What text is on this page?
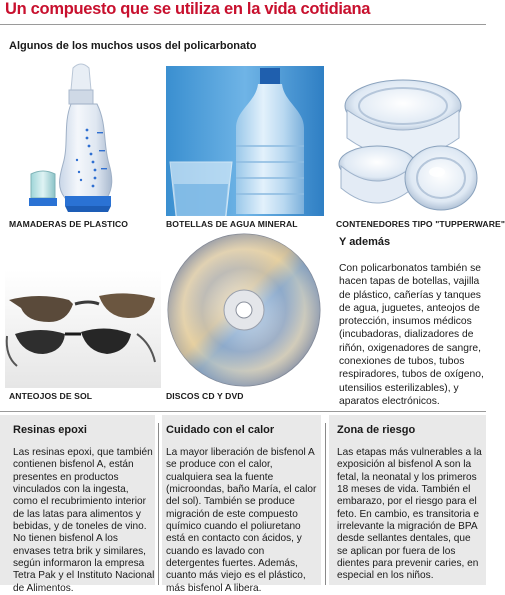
Un compuesto que se utiliza en la vida cotidiana
Algunos de los muchos usos del policarbonato
MAMADERAS DE PLASTICO	BOTELLAS DE AGUA MINERAL	CONTENEDORES TIPO "TUPPERWARE"
ANTEOJOS DE SOL	DISCOS CD Y DVD
Y además
Con policarbonatos también se hacen tapas de botellas, vajilla de plástico, cañerías y tanques de agua, juguetes, anteojos de protección, insumos médicos (incubadoras, dializadores de riñón, oxigenadores de sangre, conexiones de tubos, tubos respiradores, tubos de oxígeno, utensilios esterilizables), y aparatos electrónicos.
Resinas epoxi
Las resinas epoxi, que también contienen bisfenol A, están presentes en productos vinculados con la ingesta, como el recubrimiento interior de las latas para alimentos y bebidas, y de toneles de vino. No tienen bisfenol A los envases tetra brik y similares, según informaron la empresa Tetra Pak y el Instituto Nacional de Alimentos.
Cuidado con el calor
La mayor liberación de bisfenol A se produce con el calor, cualquiera sea la fuente (microondas, baño María, el calor del sol). También se produce migración de este compuesto químico cuando el poliuretano está en contacto con ácidos, y cuando es lavado con detergentes fuertes. Además, cuanto más viejo es el plástico, más bisfenol A libera.
Zona de riesgo
Las etapas más vulnerables a la exposición al bisfenol A son la fetal, la neonatal y los primeros 18 meses de vida. También el embarazo, por el riesgo para el feto. En cambio, es transitoria e irrelevante la migración de BPA desde sellantes dentales, que se aplican por fuera de los dientes para prevenir caries, en especial en los niños.
